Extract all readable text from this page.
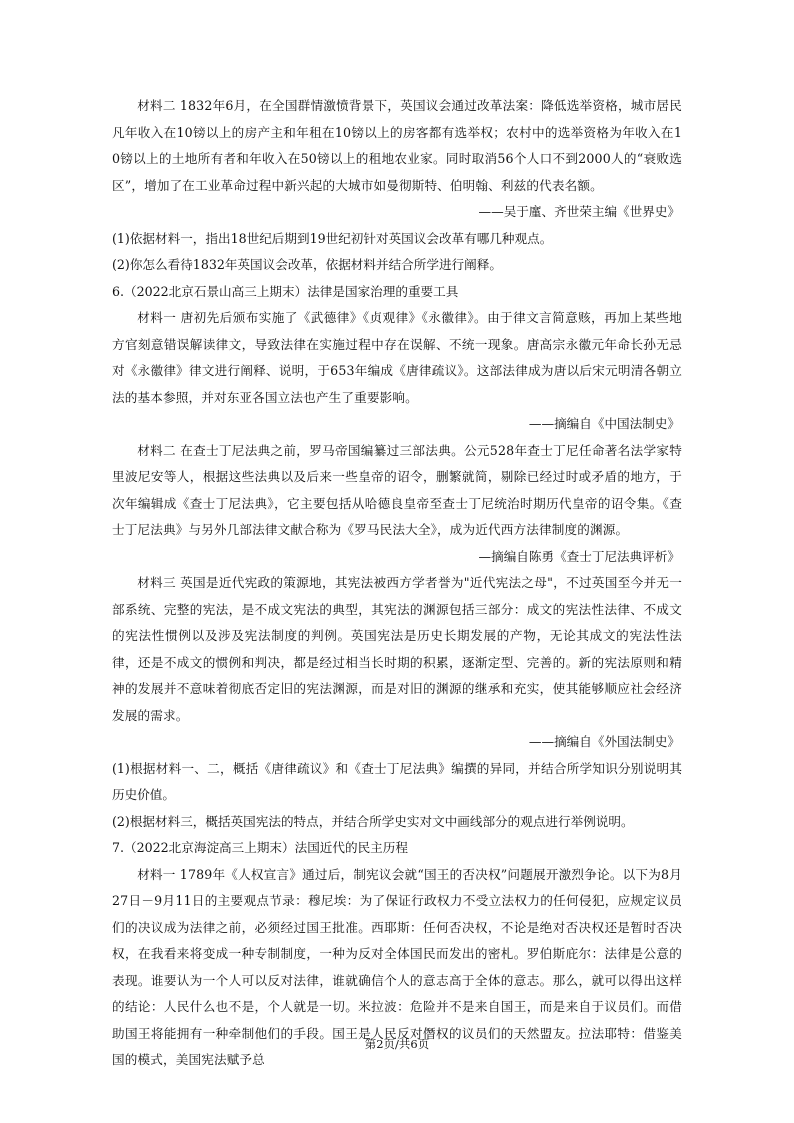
材料二 1832年6月，在全国群情激愤背景下，英国议会通过改革法案：降低选举资格，城市居民凡年收入在10镑以上的房产主和年租在10镑以上的房客都有选举权；农村中的选举资格为年收入在10镑以上的土地所有者和年收入在50镑以上的租地农业家。同时取消56个人口不到2000人的“衰败选区”，增加了在工业革命过程中新兴起的大城市如曼彻斯特、伯明翰、利兹的代表名额。

——吴于廑、齐世荣主编《世界史》

(1)依据材料一，指出18世纪后期到19世纪初针对英国议会改革有哪几种观点。

(2)你怎么看待1832年英国议会改革，依据材料并结合所学进行阐释。

6.（2022北京石景山高三上期末）法律是国家治理的重要工具

材料一 唐初先后颁布实施了《武德律》《贞观律》《永徽律》。由于律文言简意赅，再加上某些地方官刻意错误解读律文，导致法律在实施过程中存在误解、不统一现象。唐高宗永徽元年命长孙无忌对《永徽律》律文进行阐释、说明，于653年编成《唐律疏议》。这部法律成为唐以后宋元明清各朝立法的基本参照，并对东亚各国立法也产生了重要影响。

——摘编自《中国法制史》

材料二 在查士丁尼法典之前，罗马帝国编纂过三部法典。公元528年查士丁尼任命著名法学家特里波尼安等人，根据这些法典以及后来一些皇帝的诏令，删繁就简，剔除已经过时或矛盾的地方，于次年编辑成《查士丁尼法典》，它主要包括从哈德良皇帝至查士丁尼统治时期历代皇帝的诏令集。《查士丁尼法典》与另外几部法律文献合称为《罗马民法大全》，成为近代西方法律制度的渊源。

—摘编自陈勇《查士丁尼法典评析》

材料三 英国是近代宪政的策源地，其宪法被西方学者誉为"近代宪法之母"，不过英国至今并无一部系统、完整的宪法，是不成文宪法的典型，其宪法的渊源包括三部分：成文的宪法性法律、不成文的宪法性惯例以及涉及宪法制度的判例。英国宪法是历史长期发展的产物，无论其成文的宪法性法律，还是不成文的惯例和判决，都是经过相当长时期的积累，逐渐定型、完善的。新的宪法原则和精神的发展并不意味着彻底否定旧的宪法渊源，而是对旧的渊源的继承和充实，使其能够顺应社会经济发展的需求。

——摘编自《外国法制史》

(1)根据材料一、二，概括《唐律疏议》和《查士丁尼法典》编撰的异同，并结合所学知识分别说明其历史价值。

(2)根据材料三，概括英国宪法的特点，并结合所学史实对文中画线部分的观点进行举例说明。

7.（2022北京海淀高三上期末）法国近代的民主历程

材料一 1789年《人权宣言》通过后，制宪议会就“国王的否决权”问题展开激烈争论。以下为8月27日－9月11日的主要观点节录：穆尼埃：为了保证行政权力不受立法权力的任何侵犯，应规定议员们的决议成为法律之前，必须经过国王批准。西耶斯：任何否决权，不论是绝对否决权还是暂时否决权，在我看来将变成一种专制制度，一种为反对全体国民而发出的密札。罗伯斯庇尔：法律是公意的表现。谁要认为一个人可以反对法律，谁就确信个人的意志高于全体的意志。那么，就可以得出这样的结论：人民什么也不是，个人就是一切。米拉波：危险并不是来自国王，而是来自于议员们。而借助国王将能拥有一种牵制他们的手段。国王是人民反对僭权的议员们的天然盟友。拉法耶特：借鉴美国的模式，美国宪法赋予总

第2页/共6页
